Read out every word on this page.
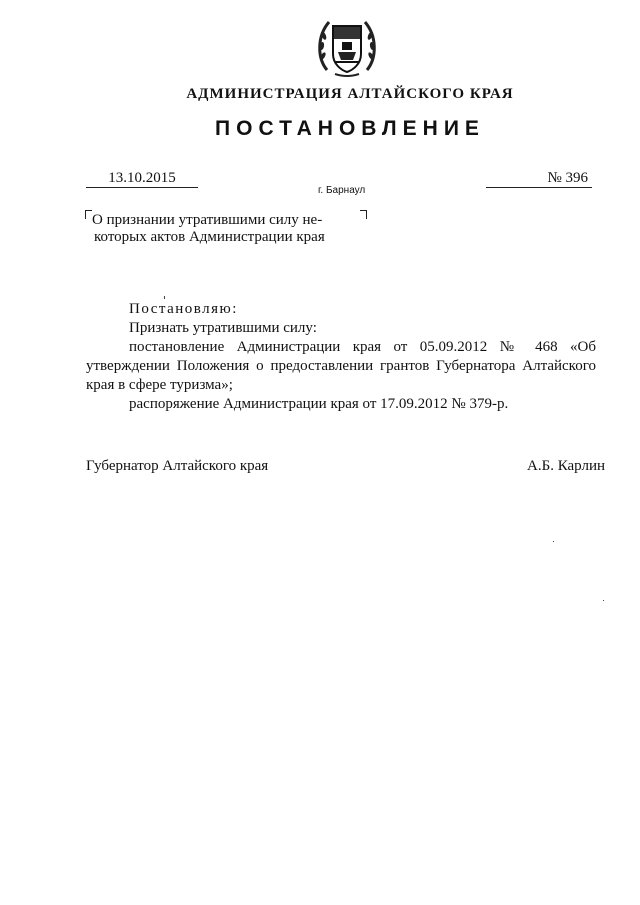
АДМИНИСТРАЦИЯ АЛТАЙСКОГО КРАЯ
ПОСТАНОВЛЕНИЕ
13.10.2015	№ 396
г. Барнаул
О признании утратившими силу не-
которых актов Администрации края

Постановляю:

Признать утратившими силу:

постановление Администрации края от 05.09.2012 № 468 «Об утверждении Положения о предоставлении грантов Губернатора Алтайского края в сфере туризма»;

распоряжение Администрации края от 17.09.2012 № 379-р.

Губернатор Алтайского края	А.Б. Карлин
